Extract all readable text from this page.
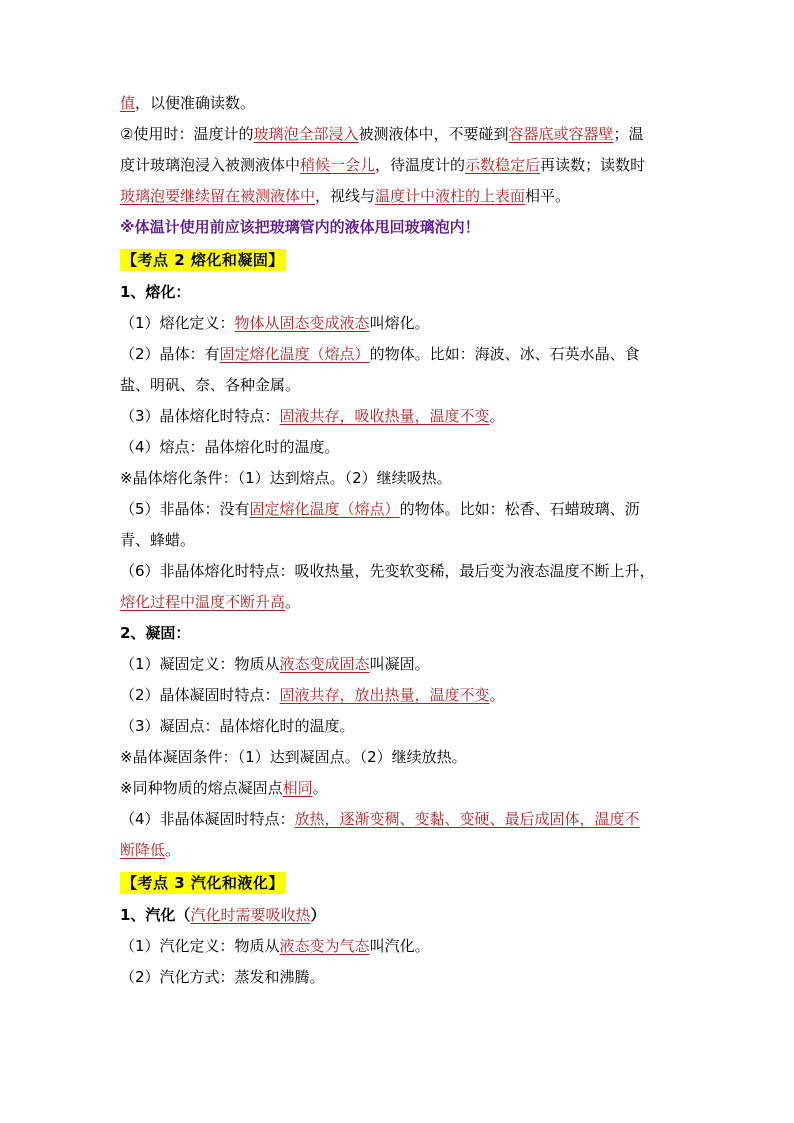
值，以便准确读数。
②使用时：温度计的玻璃泡全部浸入被测液体中，不要碰到容器底或容器壁；温
度计玻璃泡浸入被测液体中稍候一会儿，待温度计的示数稳定后再读数；读数时
玻璃泡要继续留在被测液体中，视线与温度计中液柱的上表面相平。
※体温计使用前应该把玻璃管内的液体甩回玻璃泡内！
【考点 2 熔化和凝固】
1、熔化：
（1）熔化定义：物体从固态变成液态叫熔化。
（2）晶体：有固定熔化温度（熔点）的物体。比如：海波、冰、石英水晶、食
盐、明矾、奈、各种金属。
（3）晶体熔化时特点：固液共存，吸收热量，温度不变。
（4）熔点：晶体熔化时的温度。
※晶体熔化条件：（1）达到熔点。（2）继续吸热。
（5）非晶体：没有固定熔化温度（熔点）的物体。比如：松香、石蜡玻璃、沥
青、蜂蜡。
（6）非晶体熔化时特点：吸收热量，先变软变稀，最后变为液态温度不断上升，
熔化过程中温度不断升高。
2、凝固：
（1）凝固定义：物质从液态变成固态叫凝固。
（2）晶体凝固时特点：固液共存，放出热量，温度不变。
（3）凝固点：晶体熔化时的温度。
※晶体凝固条件：（1）达到凝固点。（2）继续放热。
※同种物质的熔点凝固点相同。
（4）非晶体凝固时特点：放热，逐渐变稠、变黏、变硬、最后成固体，温度不
断降低。
【考点 3 汽化和液化】
1、汽化（汽化时需要吸收热）
（1）汽化定义：物质从液态变为气态叫汽化。
（2）汽化方式：蒸发和沸腾。
